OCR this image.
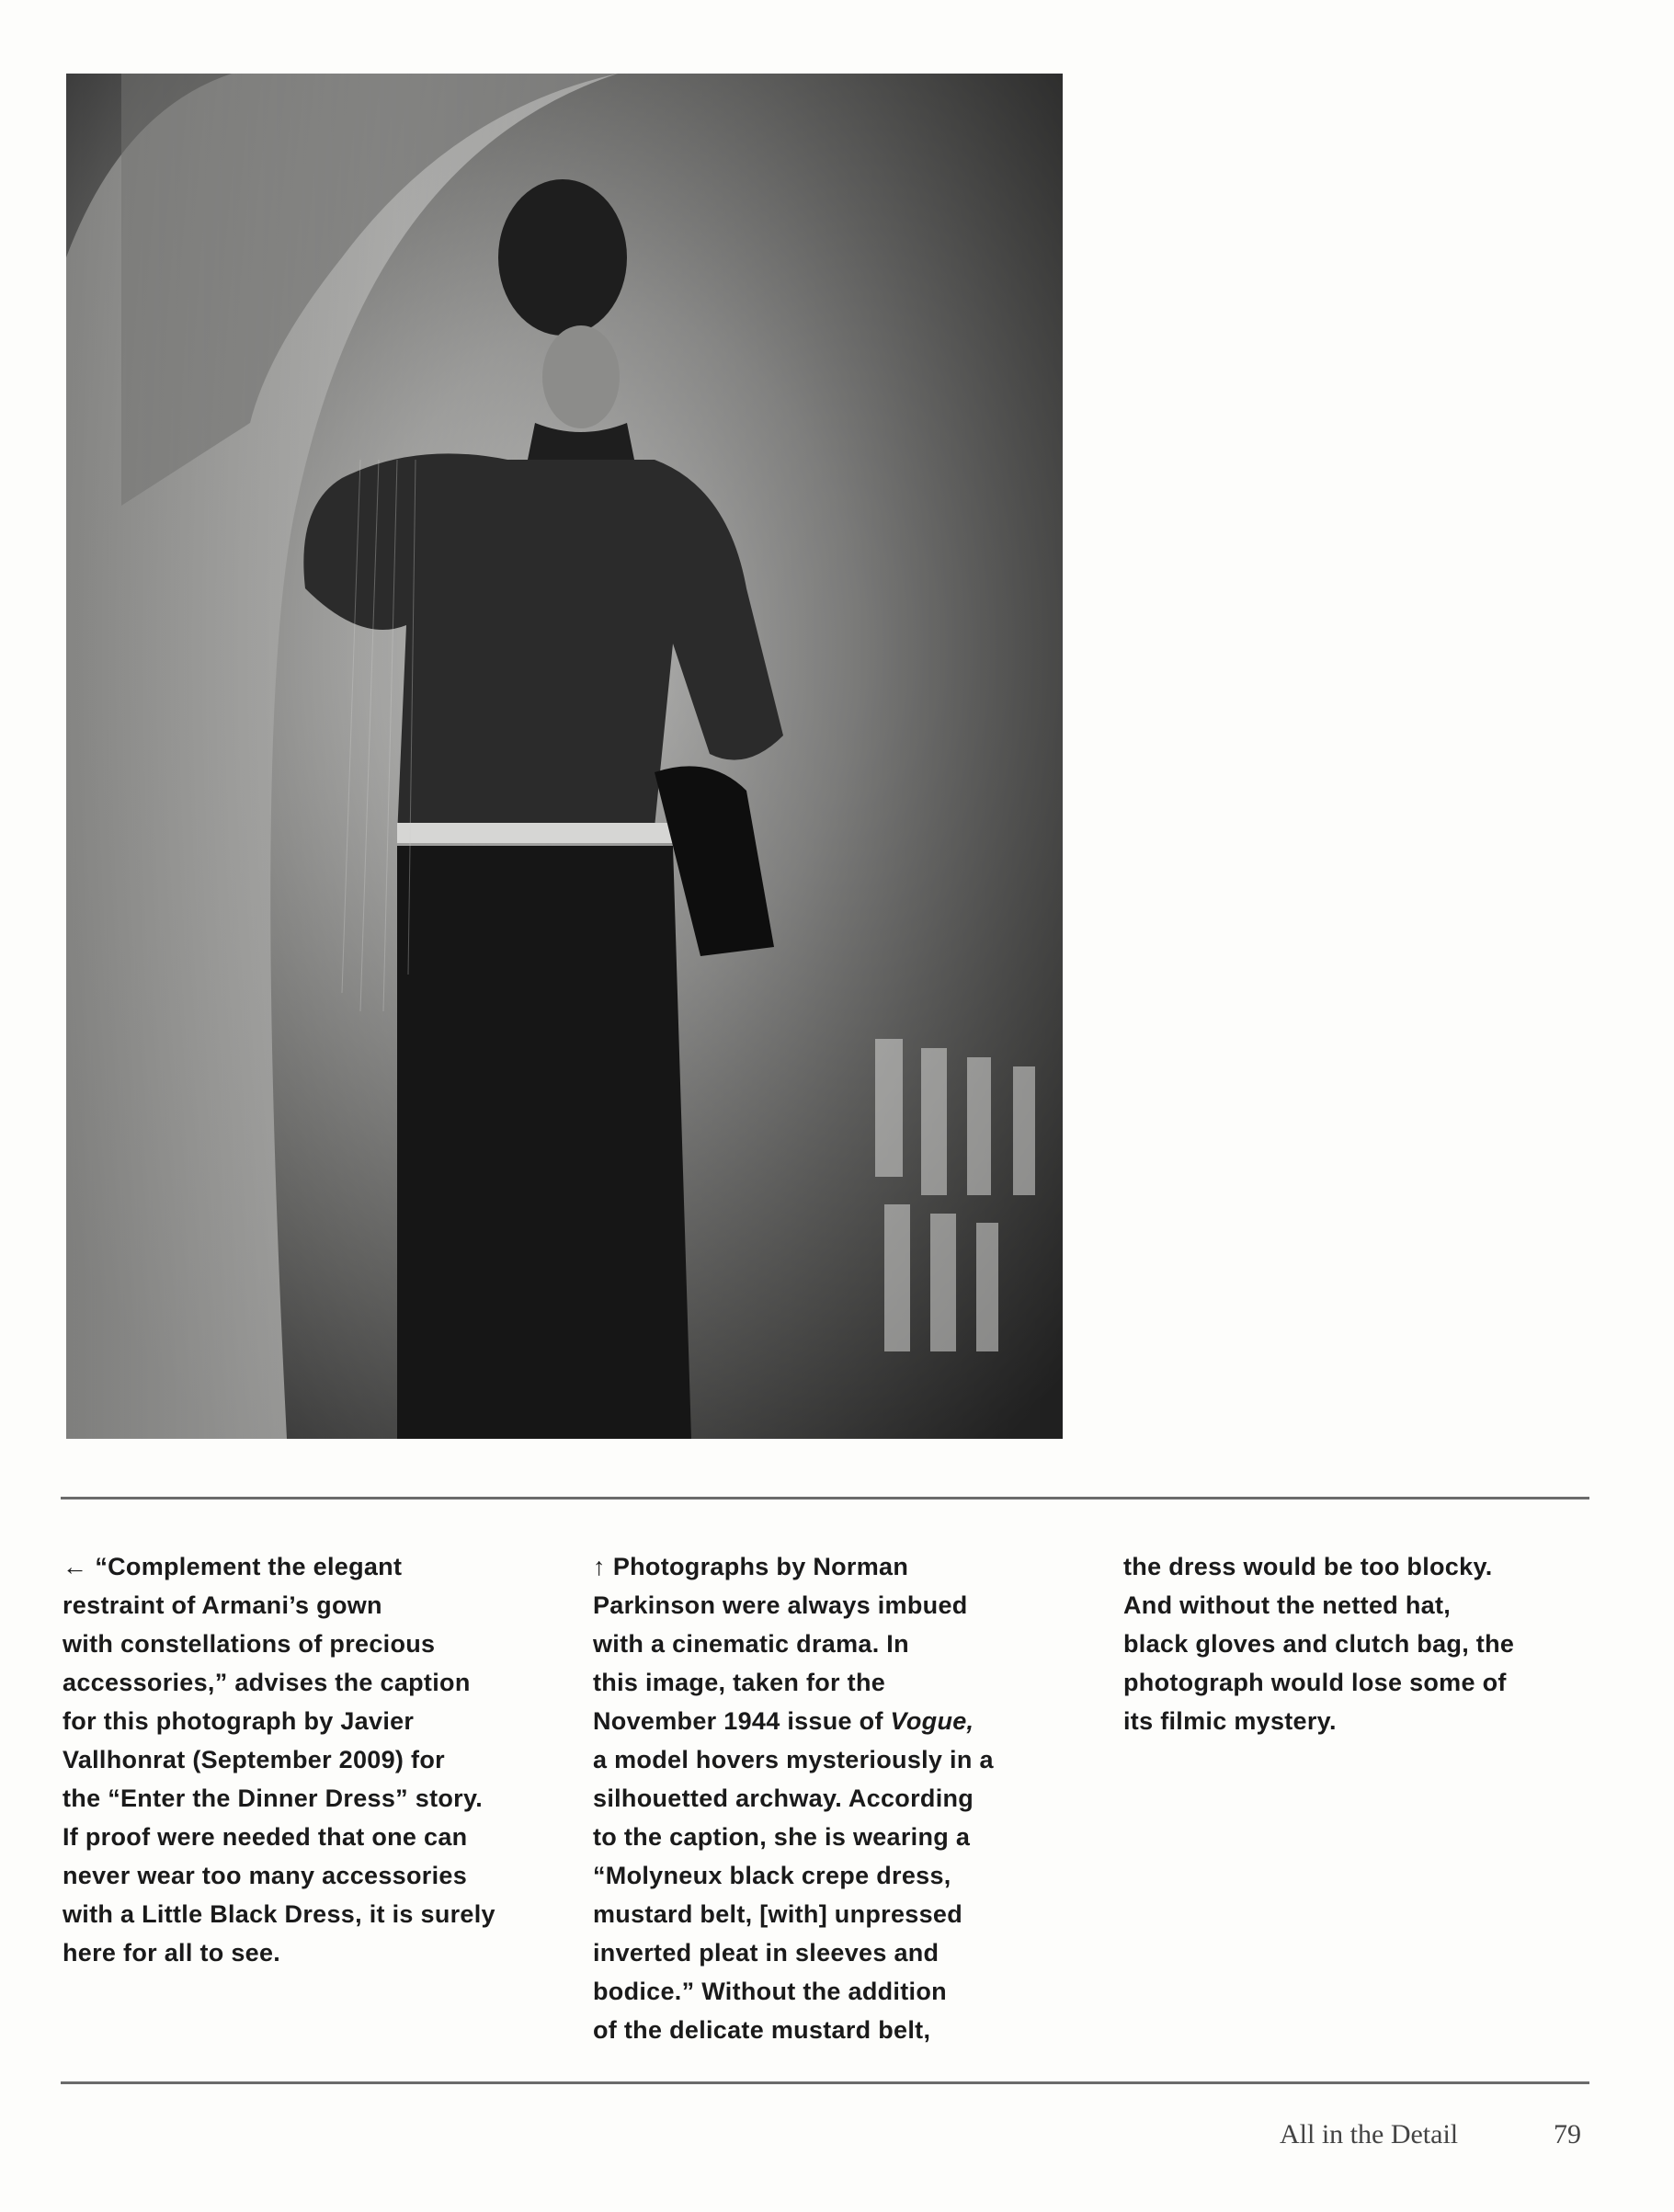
← “Complement the elegant
restraint of Armani’s gown
with constellations of precious
accessories,” advises the caption
for this photograph by Javier
Vallhonrat (September 2009) for
the “Enter the Dinner Dress” story.
If proof were needed that one can
never wear too many accessories
with a Little Black Dress, it is surely
here for all to see.
↑ Photographs by Norman
Parkinson were always imbued
with a cinematic drama. In
this image, taken for the
November 1944 issue of Vogue,
a model hovers mysteriously in a
silhouetted archway. According
to the caption, she is wearing a
“Molyneux black crepe dress,
mustard belt, [with] unpressed
inverted pleat in sleeves and
bodice.” Without the addition
of the delicate mustard belt,
the dress would be too blocky.
And without the netted hat,
black gloves and clutch bag, the
photograph would lose some of
its filmic mystery.
All in the Detail	79
